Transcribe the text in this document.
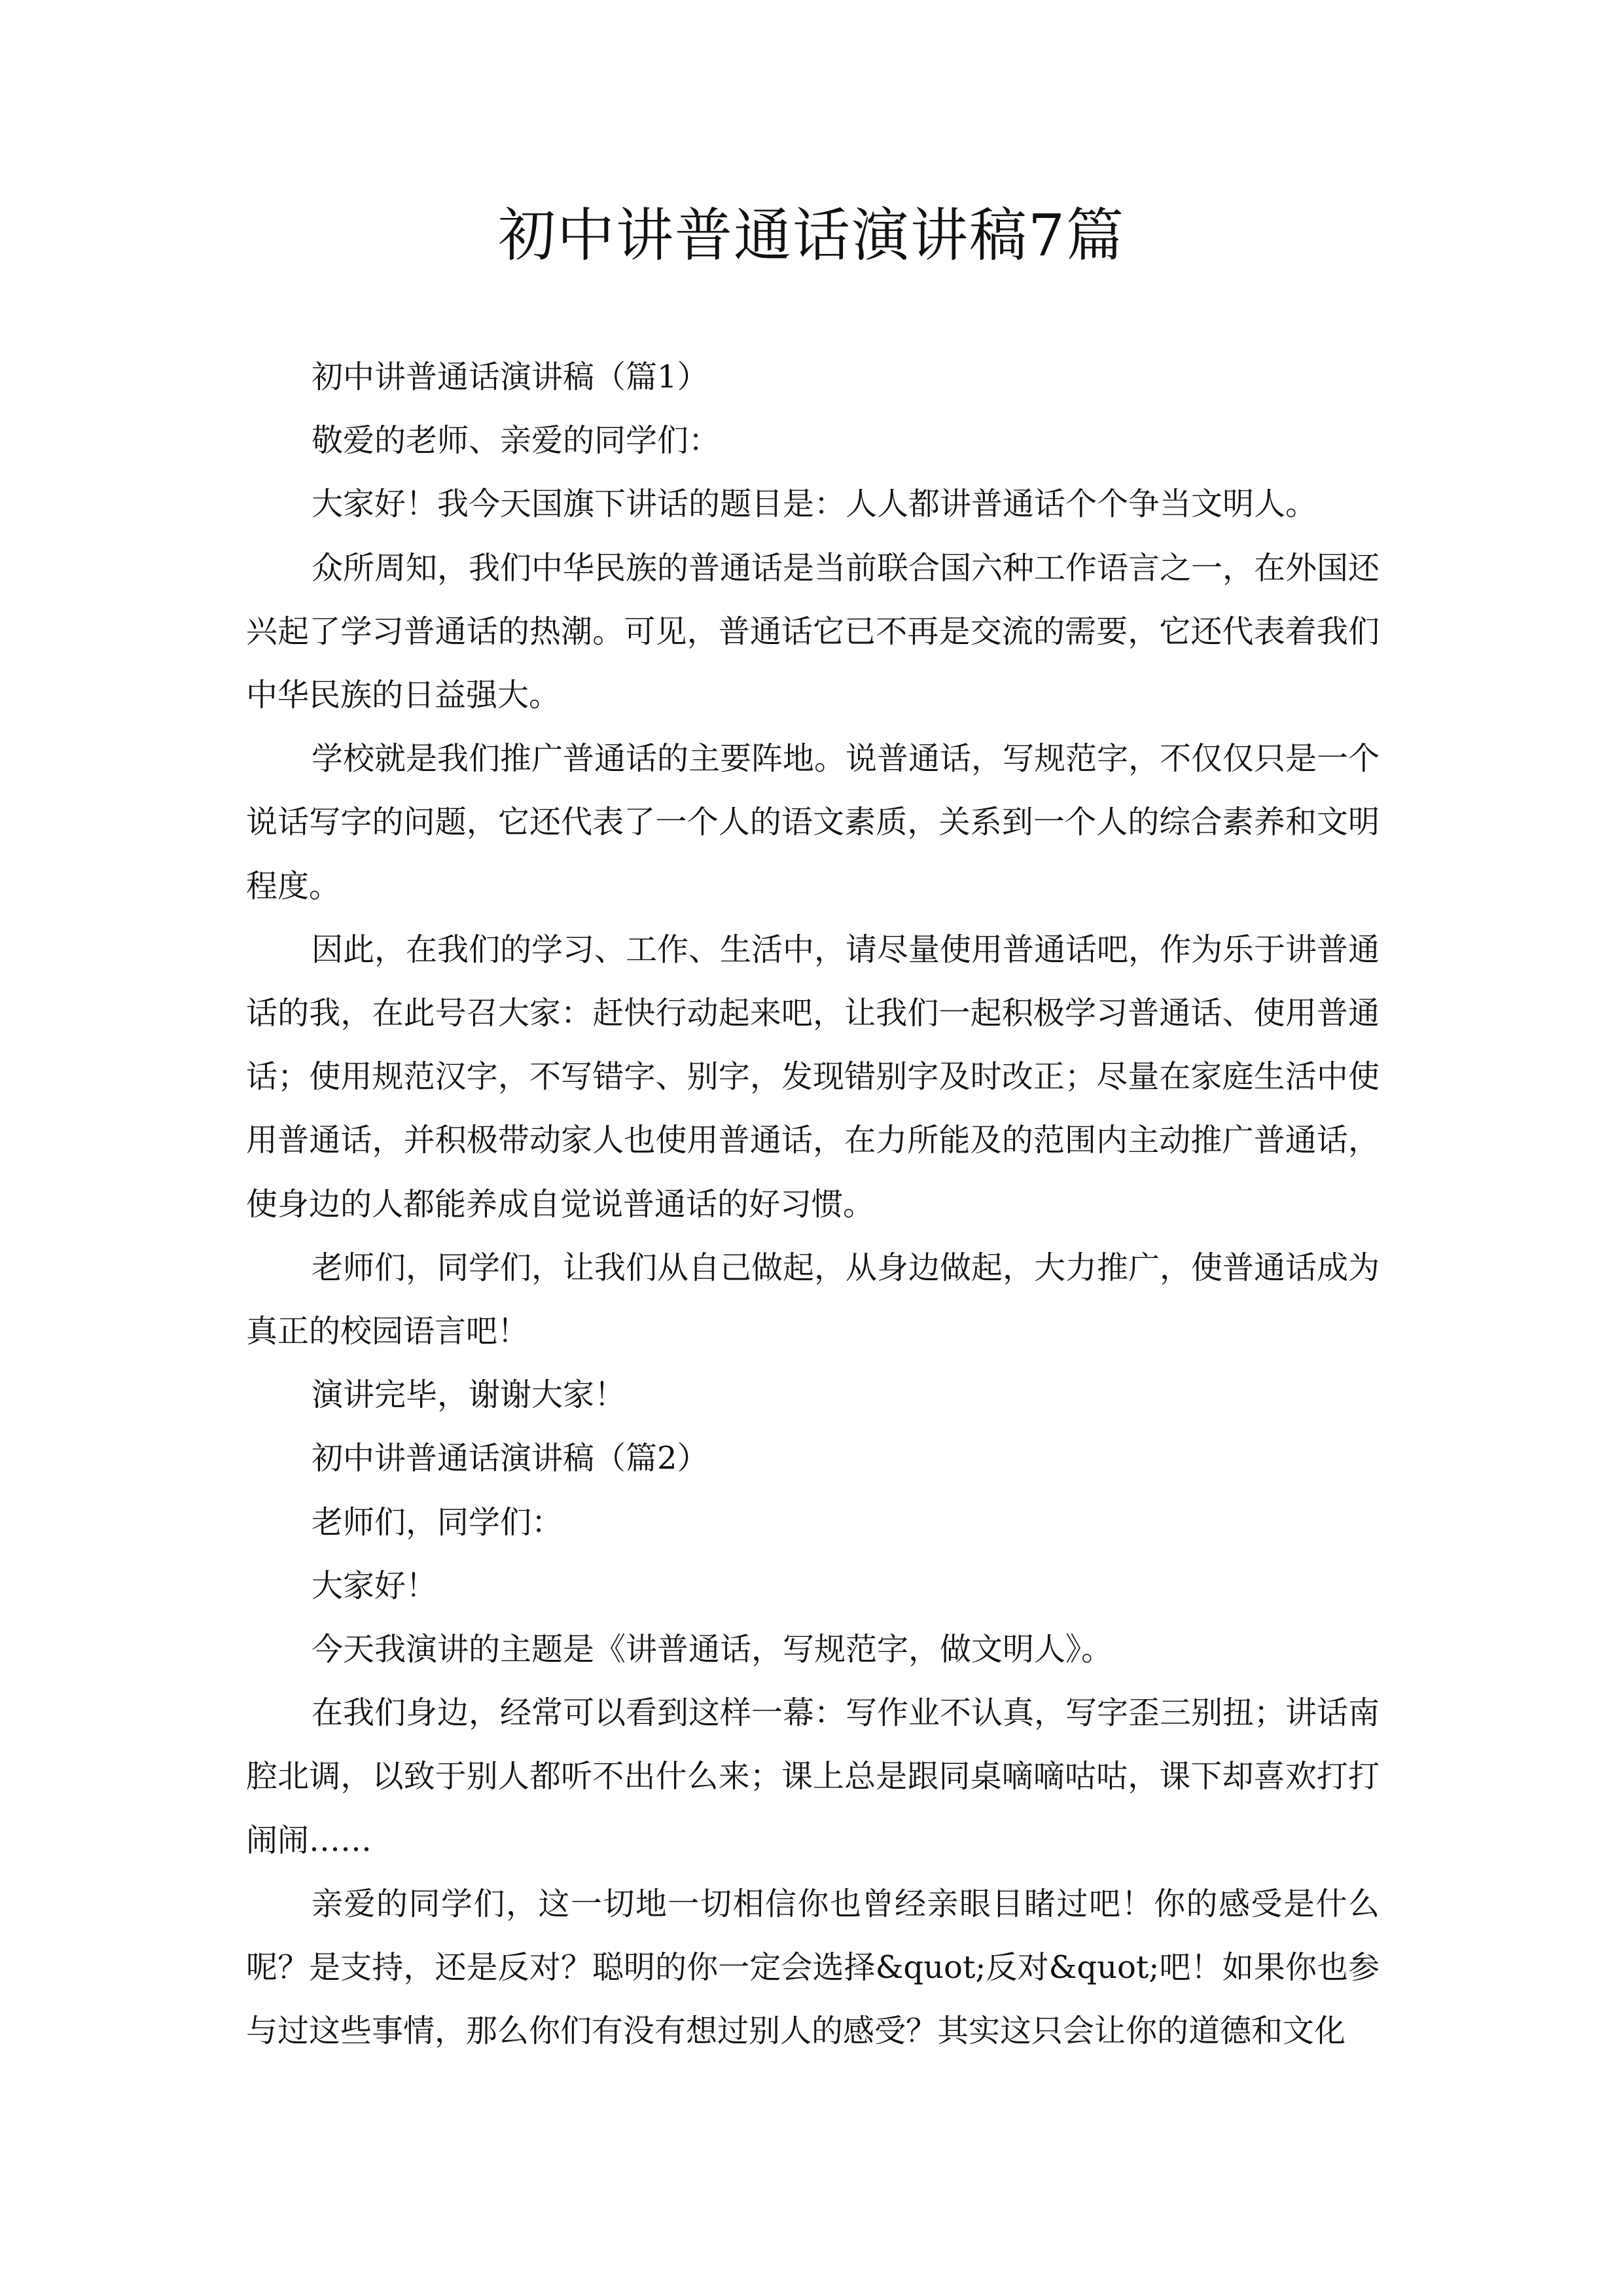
初中讲普通话演讲稿7篇

初中讲普通话演讲稿（篇1）

敬爱的老师、亲爱的同学们：

大家好！我今天国旗下讲话的题目是：人人都讲普通话个个争当文明人。

众所周知，我们中华民族的普通话是当前联合国六种工作语言之一，在外国还兴起了学习普通话的热潮。可见，普通话它已不再是交流的需要，它还代表着我们中华民族的日益强大。

学校就是我们推广普通话的主要阵地。说普通话，写规范字，不仅仅只是一个说话写字的问题，它还代表了一个人的语文素质，关系到一个人的综合素养和文明程度。

因此，在我们的学习、工作、生活中，请尽量使用普通话吧，作为乐于讲普通话的我，在此号召大家：赶快行动起来吧，让我们一起积极学习普通话、使用普通话；使用规范汉字，不写错字、别字，发现错别字及时改正；尽量在家庭生活中使用普通话，并积极带动家人也使用普通话，在力所能及的范围内主动推广普通话，使身边的人都能养成自觉说普通话的好习惯。

老师们，同学们，让我们从自己做起，从身边做起，大力推广，使普通话成为真正的校园语言吧！

演讲完毕，谢谢大家！

初中讲普通话演讲稿（篇2）

老师们，同学们：

大家好！

今天我演讲的主题是《讲普通话，写规范字，做文明人》。

在我们身边，经常可以看到这样一幕：写作业不认真，写字歪三别扭；讲话南腔北调，以致于别人都听不出什么来；课上总是跟同桌嘀嘀咕咕，课下却喜欢打打闹闹……

亲爱的同学们，这一切地一切相信你也曾经亲眼目睹过吧！你的感受是什么呢？是支持，还是反对？聪明的你一定会选择&quot;反对&quot;吧！如果你也参与过这些事情，那么你们有没有想过别人的感受？其实这只会让你的道德和文化
